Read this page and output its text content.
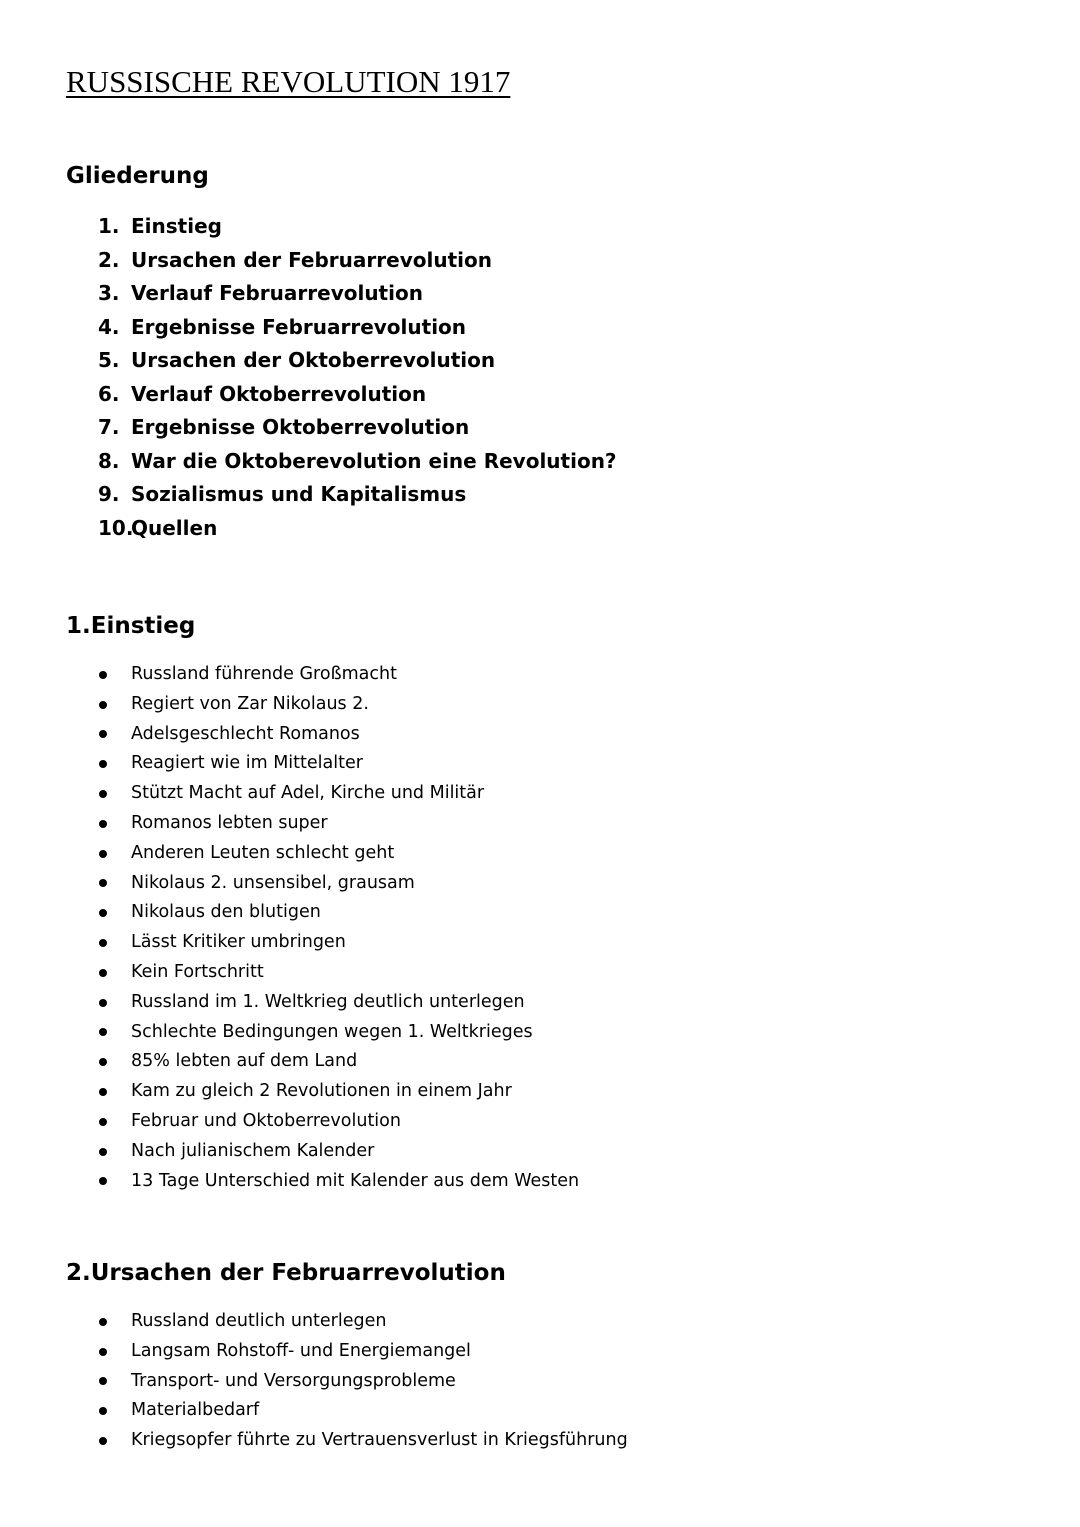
RUSSISCHE REVOLUTION 1917
Gliederung
1. Einstieg
2. Ursachen der Februarrevolution
3. Verlauf Februarrevolution
4. Ergebnisse Februarrevolution
5. Ursachen der Oktoberrevolution
6. Verlauf Oktoberrevolution
7. Ergebnisse Oktoberrevolution
8. War die Oktoberevolution eine Revolution?
9. Sozialismus und Kapitalismus
10.
Quellen
1.Einstieg
Russland führende Großmacht
Regiert von Zar Nikolaus 2.
Adelsgeschlecht Romanos
Reagiert wie im Mittelalter
Stützt Macht auf Adel, Kirche und Militär
Romanos lebten super
Anderen Leuten schlecht geht
Nikolaus 2. unsensibel, grausam
Nikolaus den blutigen
Lässt Kritiker umbringen
Kein Fortschritt
Russland im 1. Weltkrieg deutlich unterlegen
Schlechte Bedingungen wegen 1. Weltkrieges
85% lebten auf dem Land
Kam zu gleich 2 Revolutionen in einem Jahr
Februar und Oktoberrevolution
Nach julianischem Kalender
13 Tage Unterschied mit Kalender aus dem Westen
2.Ursachen der Februarrevolution
Russland deutlich unterlegen
Langsam Rohstoff- und Energiemangel
Transport- und Versorgungsprobleme
Materialbedarf
Kriegsopfer führte zu Vertrauensverlust in Kriegsführung
